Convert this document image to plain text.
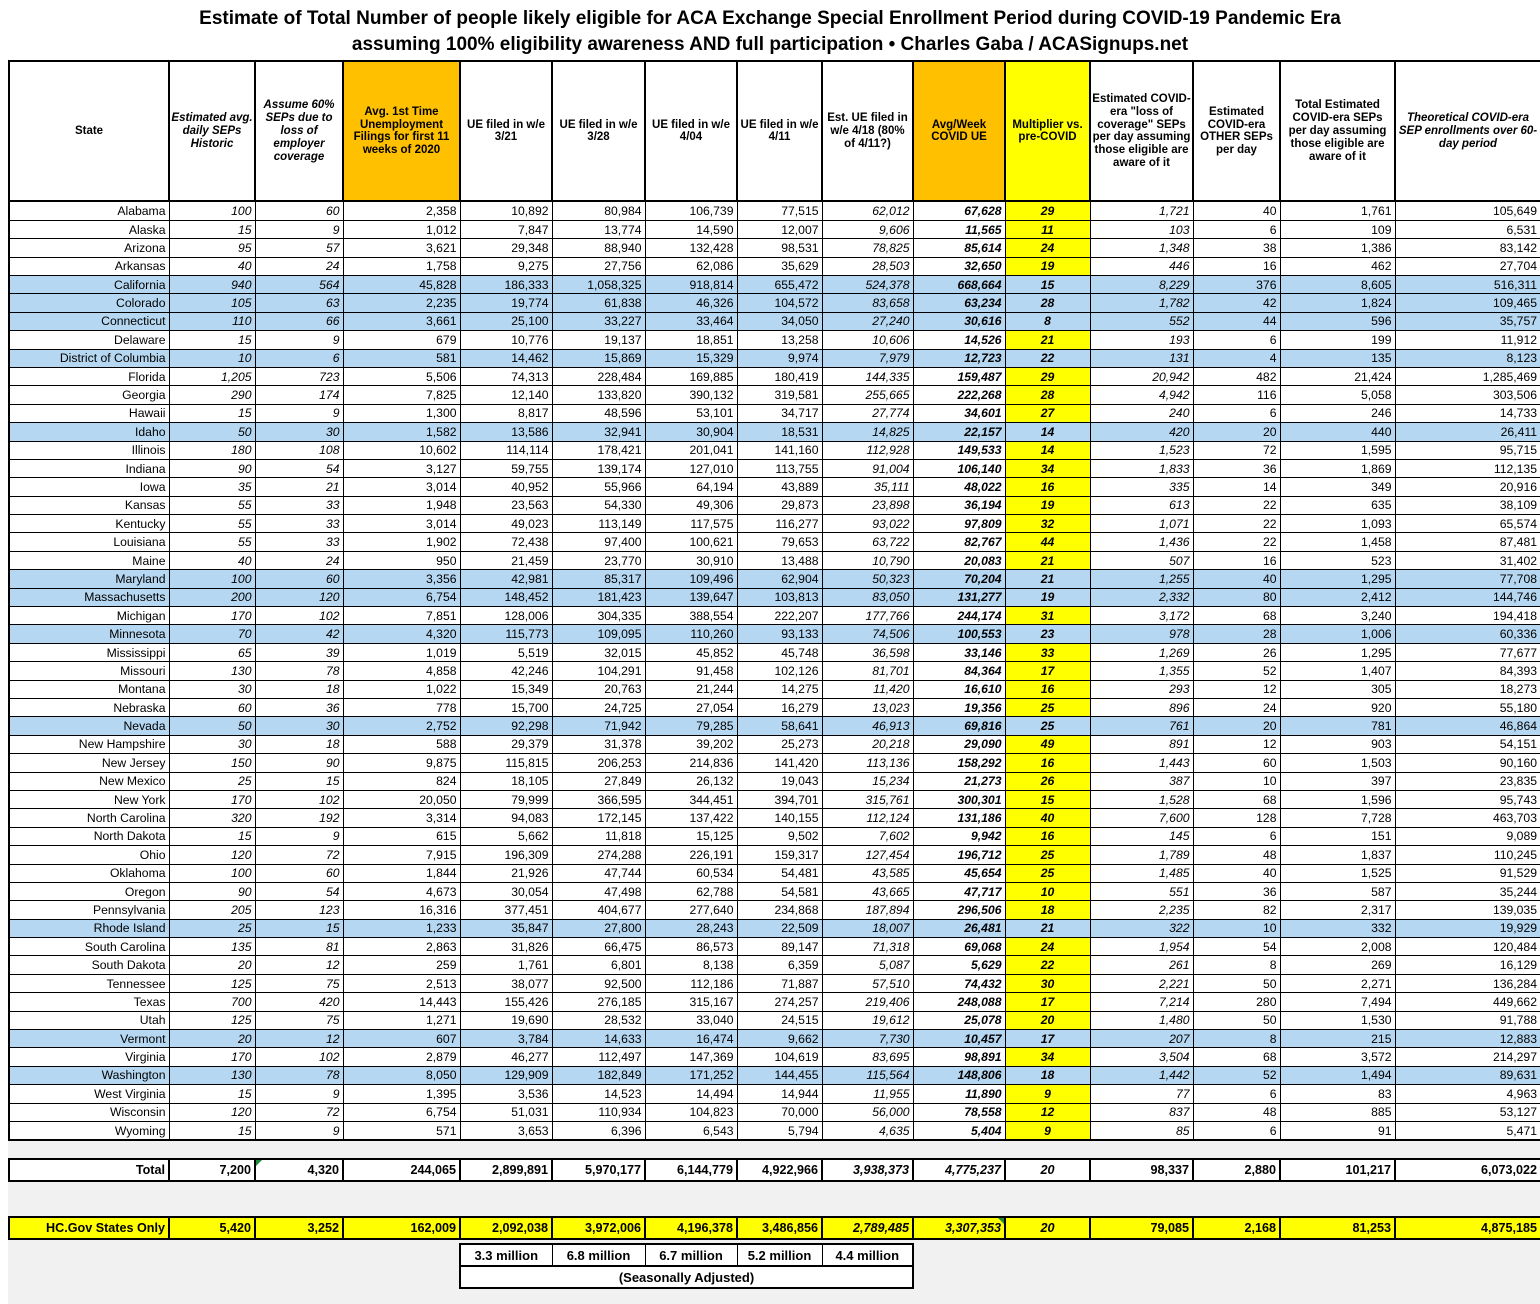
Estimate of Total Number of people likely eligible for ACA Exchange Special Enrollment Period during COVID-19 Pandemic Era
assuming 100% eligibility awareness AND full participation • Charles Gaba / ACASignups.net
State	Estimated avg. daily SEPs Historic	Assume 60% SEPs due to loss of employer coverage	Avg. 1st Time Unemployment Filings for first 11 weeks of 2020	UE filed in w/e 3/21	UE filed in w/e 3/28	UE filed in w/e 4/04	UE filed in w/e 4/11	Est. UE filed in w/e 4/18 (80% of 4/11?)	Avg/Week COVID UE	Multiplier vs. pre-COVID	Estimated COVID-era "loss of coverage" SEPs per day assuming those eligible are aware of it	Estimated COVID-era OTHER SEPs per day	Total Estimated COVID-era SEPs per day assuming those eligible are aware of it	Theoretical COVID-era SEP enrollments over 60-day period
Alabama	100	60	2,358	10,892	80,984	106,739	77,515	62,012	67,628	29	1,721	40	1,761	105,649
Alaska	15	9	1,012	7,847	13,774	14,590	12,007	9,606	11,565	11	103	6	109	6,531
Arizona	95	57	3,621	29,348	88,940	132,428	98,531	78,825	85,614	24	1,348	38	1,386	83,142
Arkansas	40	24	1,758	9,275	27,756	62,086	35,629	28,503	32,650	19	446	16	462	27,704
California	940	564	45,828	186,333	1,058,325	918,814	655,472	524,378	668,664	15	8,229	376	8,605	516,311
Colorado	105	63	2,235	19,774	61,838	46,326	104,572	83,658	63,234	28	1,782	42	1,824	109,465
Connecticut	110	66	3,661	25,100	33,227	33,464	34,050	27,240	30,616	8	552	44	596	35,757
Delaware	15	9	679	10,776	19,137	18,851	13,258	10,606	14,526	21	193	6	199	11,912
District of Columbia	10	6	581	14,462	15,869	15,329	9,974	7,979	12,723	22	131	4	135	8,123
Florida	1,205	723	5,506	74,313	228,484	169,885	180,419	144,335	159,487	29	20,942	482	21,424	1,285,469
Georgia	290	174	7,825	12,140	133,820	390,132	319,581	255,665	222,268	28	4,942	116	5,058	303,506
Hawaii	15	9	1,300	8,817	48,596	53,101	34,717	27,774	34,601	27	240	6	246	14,733
Idaho	50	30	1,582	13,586	32,941	30,904	18,531	14,825	22,157	14	420	20	440	26,411
Illinois	180	108	10,602	114,114	178,421	201,041	141,160	112,928	149,533	14	1,523	72	1,595	95,715
Indiana	90	54	3,127	59,755	139,174	127,010	113,755	91,004	106,140	34	1,833	36	1,869	112,135
Iowa	35	21	3,014	40,952	55,966	64,194	43,889	35,111	48,022	16	335	14	349	20,916
Kansas	55	33	1,948	23,563	54,330	49,306	29,873	23,898	36,194	19	613	22	635	38,109
Kentucky	55	33	3,014	49,023	113,149	117,575	116,277	93,022	97,809	32	1,071	22	1,093	65,574
Louisiana	55	33	1,902	72,438	97,400	100,621	79,653	63,722	82,767	44	1,436	22	1,458	87,481
Maine	40	24	950	21,459	23,770	30,910	13,488	10,790	20,083	21	507	16	523	31,402
Maryland	100	60	3,356	42,981	85,317	109,496	62,904	50,323	70,204	21	1,255	40	1,295	77,708
Massachusetts	200	120	6,754	148,452	181,423	139,647	103,813	83,050	131,277	19	2,332	80	2,412	144,746
Michigan	170	102	7,851	128,006	304,335	388,554	222,207	177,766	244,174	31	3,172	68	3,240	194,418
Minnesota	70	42	4,320	115,773	109,095	110,260	93,133	74,506	100,553	23	978	28	1,006	60,336
Mississippi	65	39	1,019	5,519	32,015	45,852	45,748	36,598	33,146	33	1,269	26	1,295	77,677
Missouri	130	78	4,858	42,246	104,291	91,458	102,126	81,701	84,364	17	1,355	52	1,407	84,393
Montana	30	18	1,022	15,349	20,763	21,244	14,275	11,420	16,610	16	293	12	305	18,273
Nebraska	60	36	778	15,700	24,725	27,054	16,279	13,023	19,356	25	896	24	920	55,180
Nevada	50	30	2,752	92,298	71,942	79,285	58,641	46,913	69,816	25	761	20	781	46,864
New Hampshire	30	18	588	29,379	31,378	39,202	25,273	20,218	29,090	49	891	12	903	54,151
New Jersey	150	90	9,875	115,815	206,253	214,836	141,420	113,136	158,292	16	1,443	60	1,503	90,160
New Mexico	25	15	824	18,105	27,849	26,132	19,043	15,234	21,273	26	387	10	397	23,835
New York	170	102	20,050	79,999	366,595	344,451	394,701	315,761	300,301	15	1,528	68	1,596	95,743
North Carolina	320	192	3,314	94,083	172,145	137,422	140,155	112,124	131,186	40	7,600	128	7,728	463,703
North Dakota	15	9	615	5,662	11,818	15,125	9,502	7,602	9,942	16	145	6	151	9,089
Ohio	120	72	7,915	196,309	274,288	226,191	159,317	127,454	196,712	25	1,789	48	1,837	110,245
Oklahoma	100	60	1,844	21,926	47,744	60,534	54,481	43,585	45,654	25	1,485	40	1,525	91,529
Oregon	90	54	4,673	30,054	47,498	62,788	54,581	43,665	47,717	10	551	36	587	35,244
Pennsylvania	205	123	16,316	377,451	404,677	277,640	234,868	187,894	296,506	18	2,235	82	2,317	139,035
Rhode Island	25	15	1,233	35,847	27,800	28,243	22,509	18,007	26,481	21	322	10	332	19,929
South Carolina	135	81	2,863	31,826	66,475	86,573	89,147	71,318	69,068	24	1,954	54	2,008	120,484
South Dakota	20	12	259	1,761	6,801	8,138	6,359	5,087	5,629	22	261	8	269	16,129
Tennessee	125	75	2,513	38,077	92,500	112,186	71,887	57,510	74,432	30	2,221	50	2,271	136,284
Texas	700	420	14,443	155,426	276,185	315,167	274,257	219,406	248,088	17	7,214	280	7,494	449,662
Utah	125	75	1,271	19,690	28,532	33,040	24,515	19,612	25,078	20	1,480	50	1,530	91,788
Vermont	20	12	607	3,784	14,633	16,474	9,662	7,730	10,457	17	207	8	215	12,883
Virginia	170	102	2,879	46,277	112,497	147,369	104,619	83,695	98,891	34	3,504	68	3,572	214,297
Washington	130	78	8,050	129,909	182,849	171,252	144,455	115,564	148,806	18	1,442	52	1,494	89,631
West Virginia	15	9	1,395	3,536	14,523	14,494	14,944	11,955	11,890	9	77	6	83	4,963
Wisconsin	120	72	6,754	51,031	110,934	104,823	70,000	56,000	78,558	12	837	48	885	53,127
Wyoming	15	9	571	3,653	6,396	6,543	5,794	4,635	5,404	9	85	6	91	5,471
Total	7,200	4,320	244,065	2,899,891	5,970,177	6,144,779	4,922,966	3,938,373	4,775,237	20	98,337	2,880	101,217	6,073,022
HC.Gov States Only	5,420	3,252	162,009	2,092,038	3,972,006	4,196,378	3,486,856	2,789,485	3,307,353	20	79,085	2,168	81,253	4,875,185
3.3 million	6.8 million	6.7 million	5.2 million	4.4 million
(Seasonally Adjusted)
